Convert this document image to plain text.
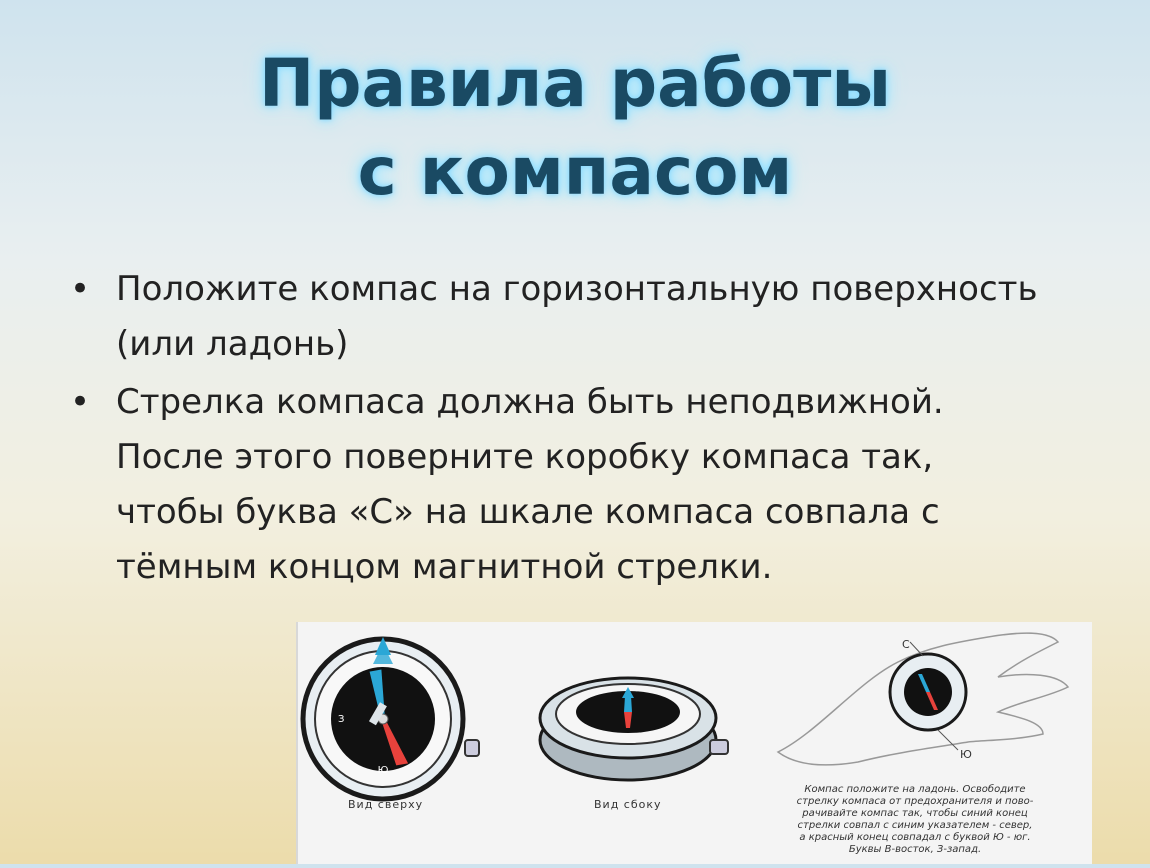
Правила работы
с компасом
• Положите компас на горизонтальную поверхность
(или ладонь)
• Стрелка компаса должна быть неподвижной.
После этого поверните коробку компаса так,
чтобы буква «С» на шкале компаса совпала с
тёмным концом магнитной стрелки.
Ю
З
С
Ю
Вид сверху	Вид сбоку
Компас положите на ладонь. Освободите
стрелку компаса от предохранителя и пово-
рачивайте компас так, чтобы синий конец
стрелки совпал с синим указателем - север,
а красный конец совпадал с буквой Ю - юг.
Буквы В-восток, З-запад.
